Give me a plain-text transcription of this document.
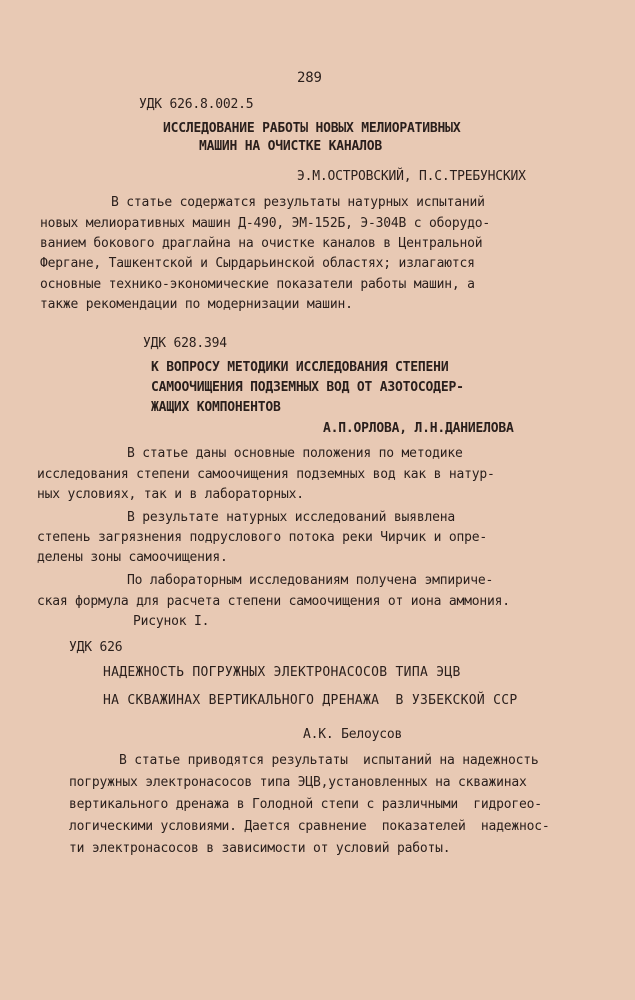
289
УДК 626.8.002.5
ИССЛЕДОВАНИЕ РАБОТЫ НОВЫХ МЕЛИОРАТИВНЫХ
МАШИН НА ОЧИСТКЕ КАНАЛОВ
Э.М.ОСТРОВСКИЙ, П.С.ТРЕБУНСКИХ
В статье содержатся результаты натурных испытаний
новых мелиоративных машин Д-490, ЭМ-152Б, Э-304В с оборудо-
ванием бокового драглайна на очистке каналов в Центральной
Фергане, Ташкентской и Сырдарьинской областях; излагаются
основные технико-экономические показатели работы машин, а
также рекомендации по модернизации машин.
УДК 628.394
К ВОПРОСУ МЕТОДИКИ ИССЛЕДОВАНИЯ СТЕПЕНИ
САМООЧИЩЕНИЯ ПОДЗЕМНЫХ ВОД ОТ АЗОТОСОДЕР-
ЖАЩИХ КОМПОНЕНТОВ
А.П.ОРЛОВА, Л.Н.ДАНИЕЛОВА
В статье даны основные положения по методике
исследования степени самоочищения подземных вод как в натур-
ных условиях, так и в лабораторных.
В результате натурных исследований выявлена
степень загрязнения подруслового потока реки Чирчик и опре-
делены зоны самоочищения.
По лабораторным исследованиям получена эмпириче-
ская формула для расчета степени самоочищения от иона аммония.
Рисунок I.
УДК 626
НАДЕЖНОСТЬ ПОГРУЖНЫХ ЭЛЕКТРОНАСОСОВ ТИПА ЭЦВ
НА СКВАЖИНАХ ВЕРТИКАЛЬНОГО ДРЕНАЖА  В УЗБЕКСКОЙ ССР
А.К. Белоусов
В статье приводятся результаты  испытаний на надежность
погружных электронасосов типа ЭЦВ,установленных на скважинах
вертикального дренажа в Голодной степи с различными  гидрогео-
логическими условиями. Дается сравнение  показателей  надежнос-
ти электронасосов в зависимости от условий работы.
